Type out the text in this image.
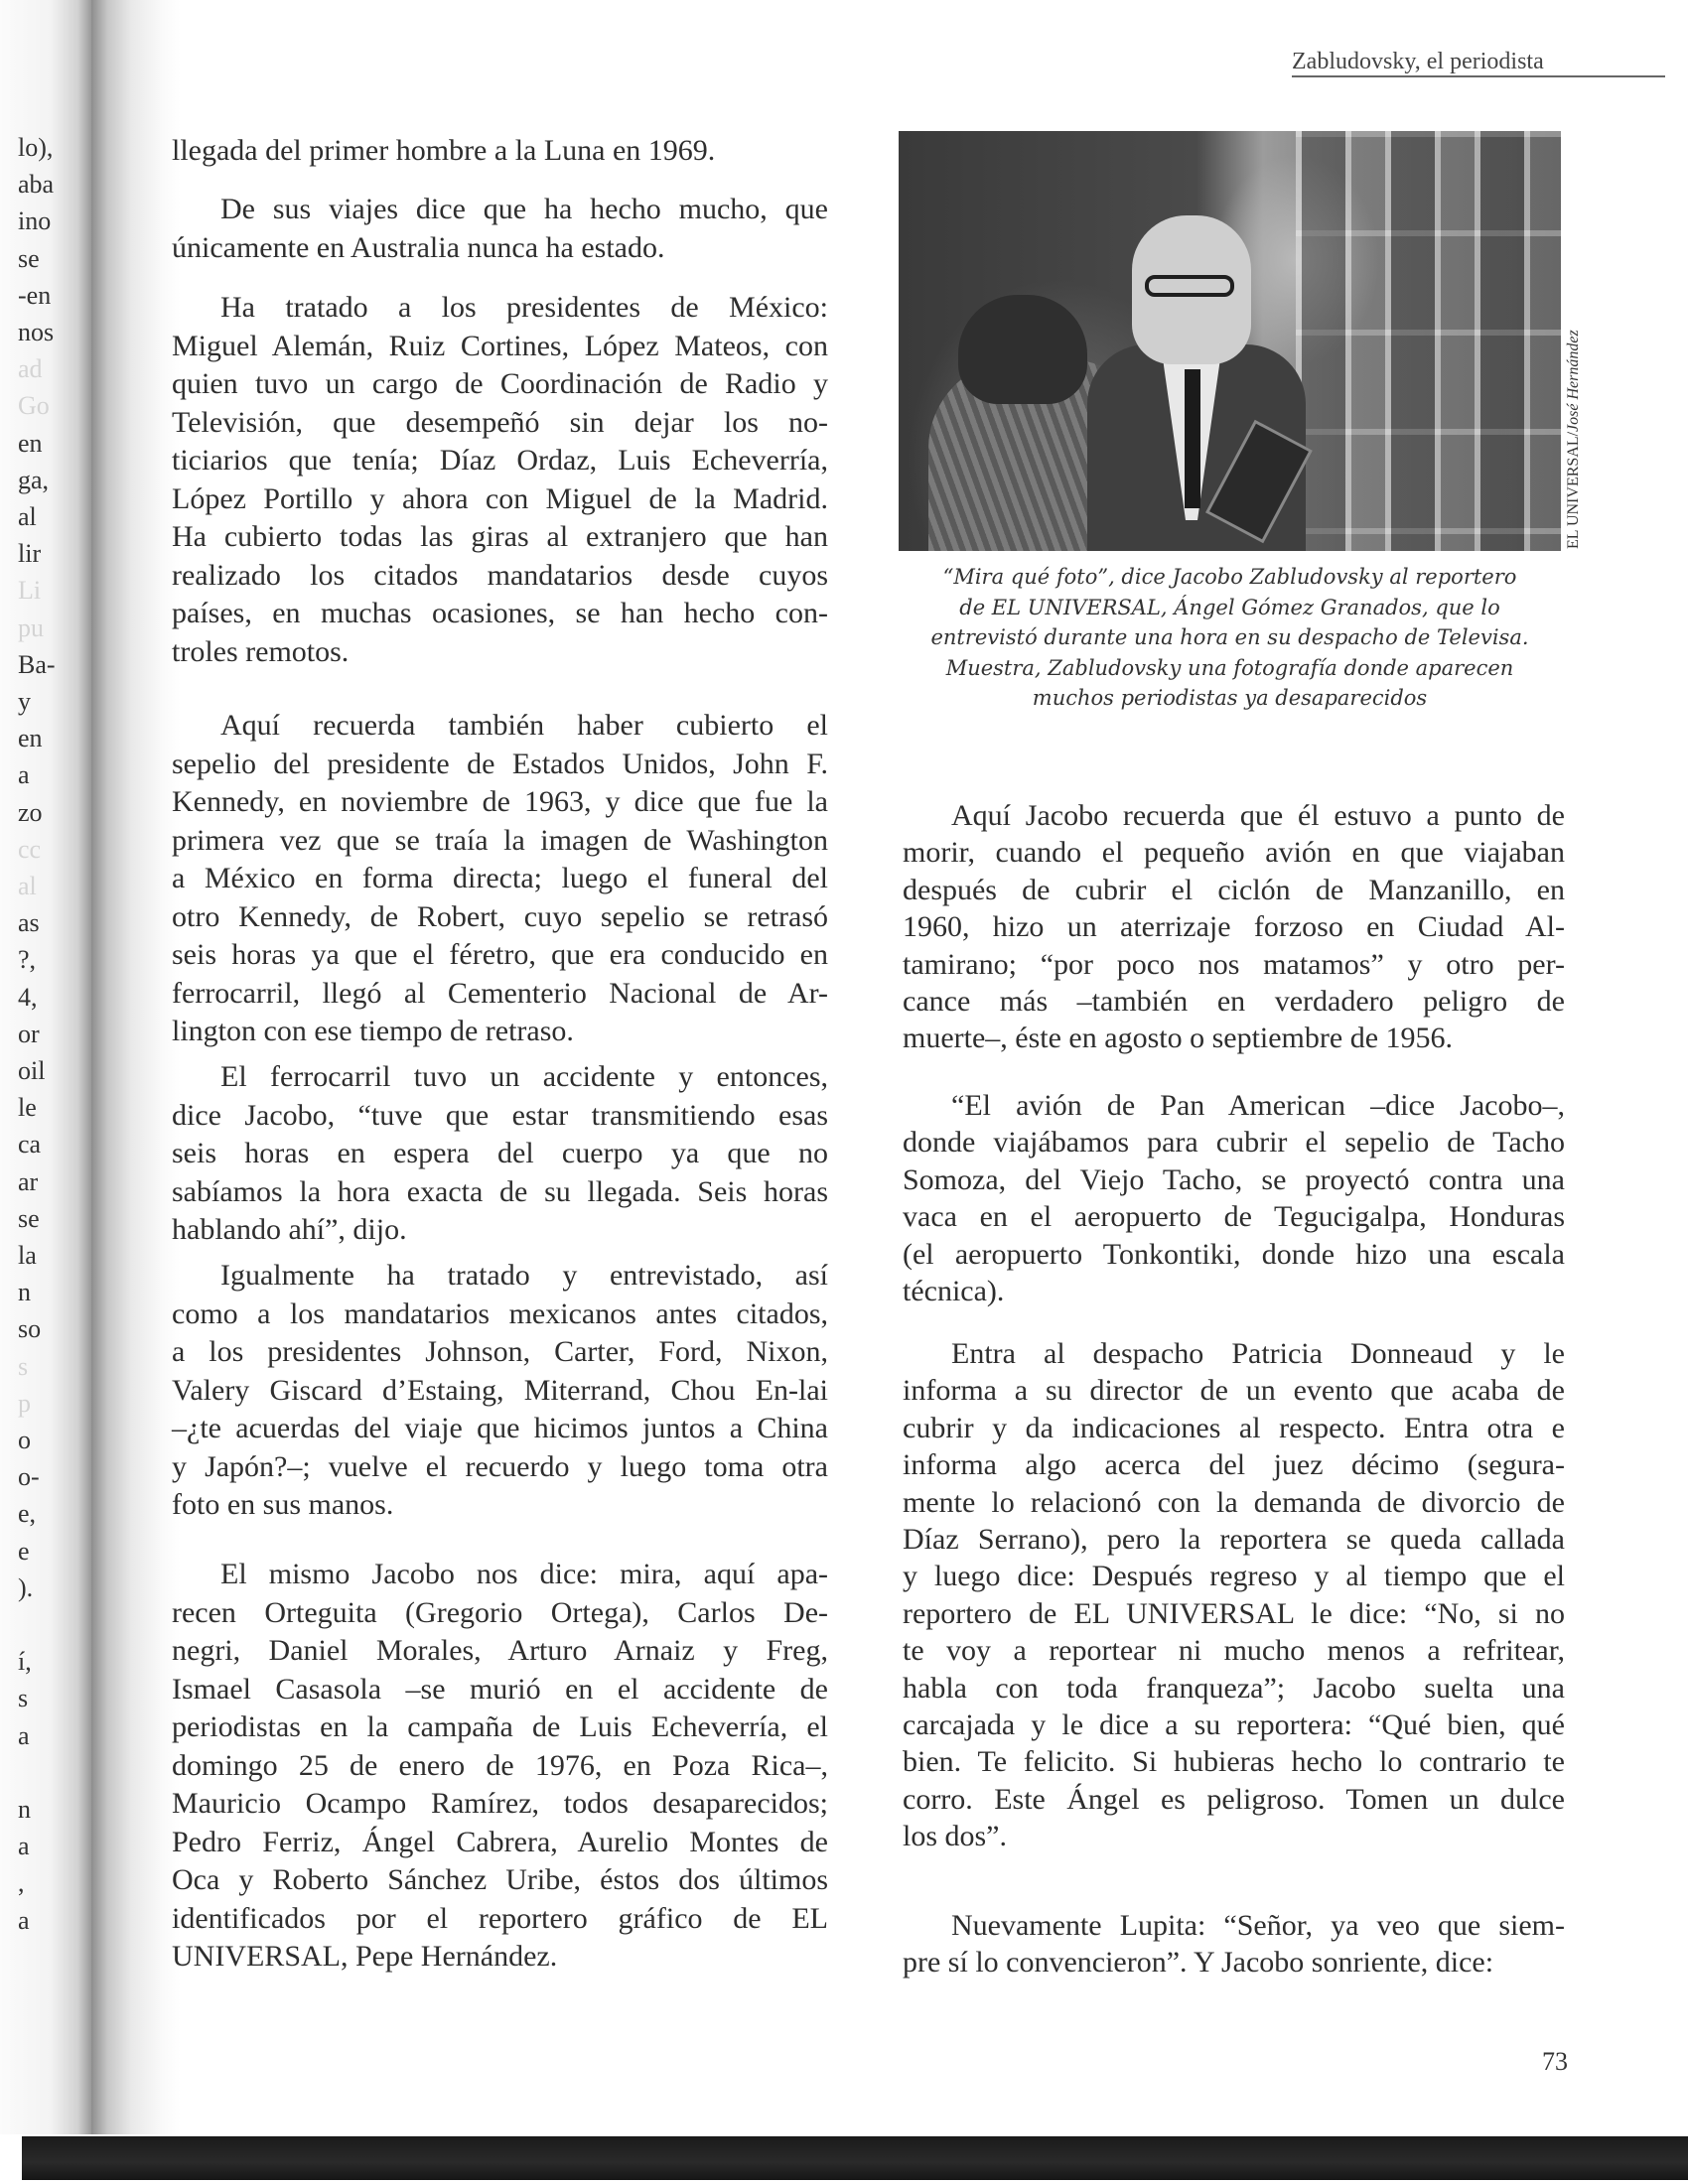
lo),
aba
ino
se
-en
nos
ad
Go
en
ga,
al
lir
Li
pu
Ba-
y
en
a
zo
cc
al
as
?,
4,
or
oil
le
ca
ar
se
la
n
so
s
p
o
o-
e,
e
).
í,
s
a
n
a
,
a
Zabludovsky, el periodista
llegada del primer hombre a la Luna en 1969.
De sus viajes dice que ha hecho mucho, que
únicamente en Australia nunca ha estado.
Ha tratado a los presidentes de México:
Miguel Alemán, Ruiz Cortines, López Mateos, con
quien tuvo un cargo de Coordinación de Radio y
Televisión, que desempeñó sin dejar los no-
ticiarios que tenía; Díaz Ordaz, Luis Echeverría,
López Portillo y ahora con Miguel de la Madrid.
Ha cubierto todas las giras al extranjero que han
realizado los citados mandatarios desde cuyos
países, en muchas ocasiones, se han hecho con-
troles remotos.
Aquí recuerda también haber cubierto el
sepelio del presidente de Estados Unidos, John F.
Kennedy, en noviembre de 1963, y dice que fue la
primera vez que se traía la imagen de Washington
a México en forma directa; luego el funeral del
otro Kennedy, de Robert, cuyo sepelio se retrasó
seis horas ya que el féretro, que era conducido en
ferrocarril, llegó al Cementerio Nacional de Ar-
lington con ese tiempo de retraso.
El ferrocarril tuvo un accidente y entonces,
dice Jacobo, “tuve que estar transmitiendo esas
seis horas en espera del cuerpo ya que no
sabíamos la hora exacta de su llegada. Seis horas
hablando ahí”, dijo.
Igualmente ha tratado y entrevistado, así
como a los mandatarios mexicanos antes citados,
a los presidentes Johnson, Carter, Ford, Nixon,
Valery Giscard d’Estaing, Miterrand, Chou En-lai
–¿te acuerdas del viaje que hicimos juntos a China
y Japón?–; vuelve el recuerdo y luego toma otra
foto en sus manos.
El mismo Jacobo nos dice: mira, aquí apa-
recen Orteguita (Gregorio Ortega), Carlos De-
negri, Daniel Morales, Arturo Arnaiz y Freg,
Ismael Casasola –se murió en el accidente de
periodistas en la campaña de Luis Echeverría, el
domingo 25 de enero de 1976, en Poza Rica–,
Mauricio Ocampo Ramírez, todos desaparecidos;
Pedro Ferriz, Ángel Cabrera, Aurelio Montes de
Oca y Roberto Sánchez Uribe, éstos dos últimos
identificados por el reportero gráfico de EL
UNIVERSAL, Pepe Hernández.
EL UNIVERSAL/José Hernández
“Mira qué foto”, dice Jacobo Zabludovsky al reportero
de EL UNIVERSAL, Ángel Gómez Granados, que lo
entrevistó durante una hora en su despacho de Televisa.
Muestra, Zabludovsky una fotografía donde aparecen
muchos periodistas ya desaparecidos
Aquí Jacobo recuerda que él estuvo a punto de
morir, cuando el pequeño avión en que viajaban
después de cubrir el ciclón de Manzanillo, en
1960, hizo un aterrizaje forzoso en Ciudad Al-
tamirano; “por poco nos matamos” y otro per-
cance más –también en verdadero peligro de
muerte–, éste en agosto o septiembre de 1956.
“El avión de Pan American –dice Jacobo–,
donde viajábamos para cubrir el sepelio de Tacho
Somoza, del Viejo Tacho, se proyectó contra una
vaca en el aeropuerto de Tegucigalpa, Honduras
(el aeropuerto Tonkontiki, donde hizo una escala
técnica).
Entra al despacho Patricia Donneaud y le
informa a su director de un evento que acaba de
cubrir y da indicaciones al respecto. Entra otra e
informa algo acerca del juez décimo (segura-
mente lo relacionó con la demanda de divorcio de
Díaz Serrano), pero la reportera se queda callada
y luego dice: Después regreso y al tiempo que el
reportero de EL UNIVERSAL le dice: “No, si no
te voy a reportear ni mucho menos a refritear,
habla con toda franqueza”; Jacobo suelta una
carcajada y le dice a su reportera: “Qué bien, qué
bien. Te felicito. Si hubieras hecho lo contrario te
corro. Este Ángel es peligroso. Tomen un dulce
los dos”.
Nuevamente Lupita: “Señor, ya veo que siem-
pre sí lo convencieron”. Y Jacobo sonriente, dice:
73
